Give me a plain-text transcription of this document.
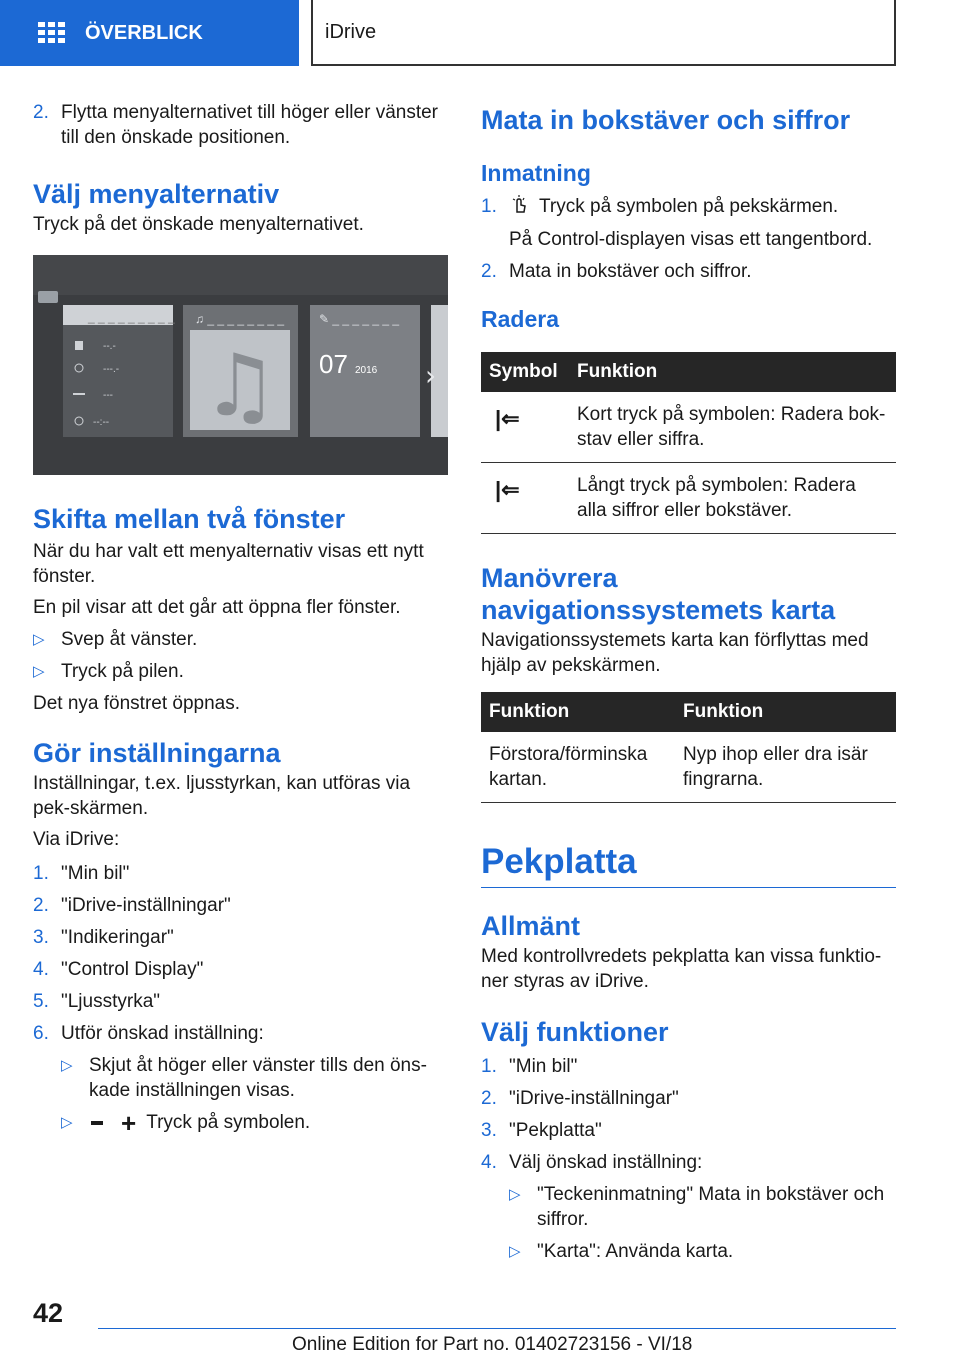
ÖVERBLICK	iDrive
2. Flytta menyalternativet till höger eller vänster till den önskade positionen.
Välj menyalternativ
Tryck på det önskade menyalternativet.
_ _ _ _ _ _ _ _ _
--.-
---.-
---
--:--
♫ _ _ _ _ _ _ _ _
♫
✎ _ _ _ _ _ _ _
07 2016 ›
Skifta mellan två fönster
När du har valt ett menyalternativ visas ett nytt fönster.
En pil visar att det går att öppna fler fönster.
▷ Svep åt vänster.
▷ Tryck på pilen.
Det nya fönstret öppnas.
Gör inställningarna
Inställningar, t.ex. ljusstyrkan, kan utföras via pek-skärmen.
Via iDrive:
1. "Min bil"
2. "iDrive-inställningar"
3. "Indikeringar"
4. "Control Display"
5. "Ljusstyrka"
6. Utför önskad inställning:
▷ Skjut åt höger eller vänster tills den öns-kade inställningen visas.
▷	+ Tryck på symbolen.
Mata in bokstäver och siffror
Inmatning
1.	Tryck på symbolen på pekskärmen.
På Control-displayen visas ett tangentbord.
2. Mata in bokstäver och siffror.
Radera
Symbol	Funktion
|⇐	Kort tryck på symbolen: Radera bok-stav eller siffra.
|⇐	Långt tryck på symbolen: Radera alla siffror eller bokstäver.
Manövrera navigationssystemets karta
Navigationssystemets karta kan förflyttas med hjälp av pekskärmen.
Funktion	Funktion
Förstora/förminska kartan.	Nyp ihop eller dra isär fingrarna.
Pekplatta
Allmänt
Med kontrollvredets pekplatta kan vissa funktio-ner styras av iDrive.
Välj funktioner
1. "Min bil"
2. "iDrive-inställningar"
3. "Pekplatta"
4. Välj önskad inställning:
▷ "Teckeninmatning" Mata in bokstäver och siffror.
▷ "Karta": Använda karta.
42
Online Edition for Part no. 01402723156 - VI/18
